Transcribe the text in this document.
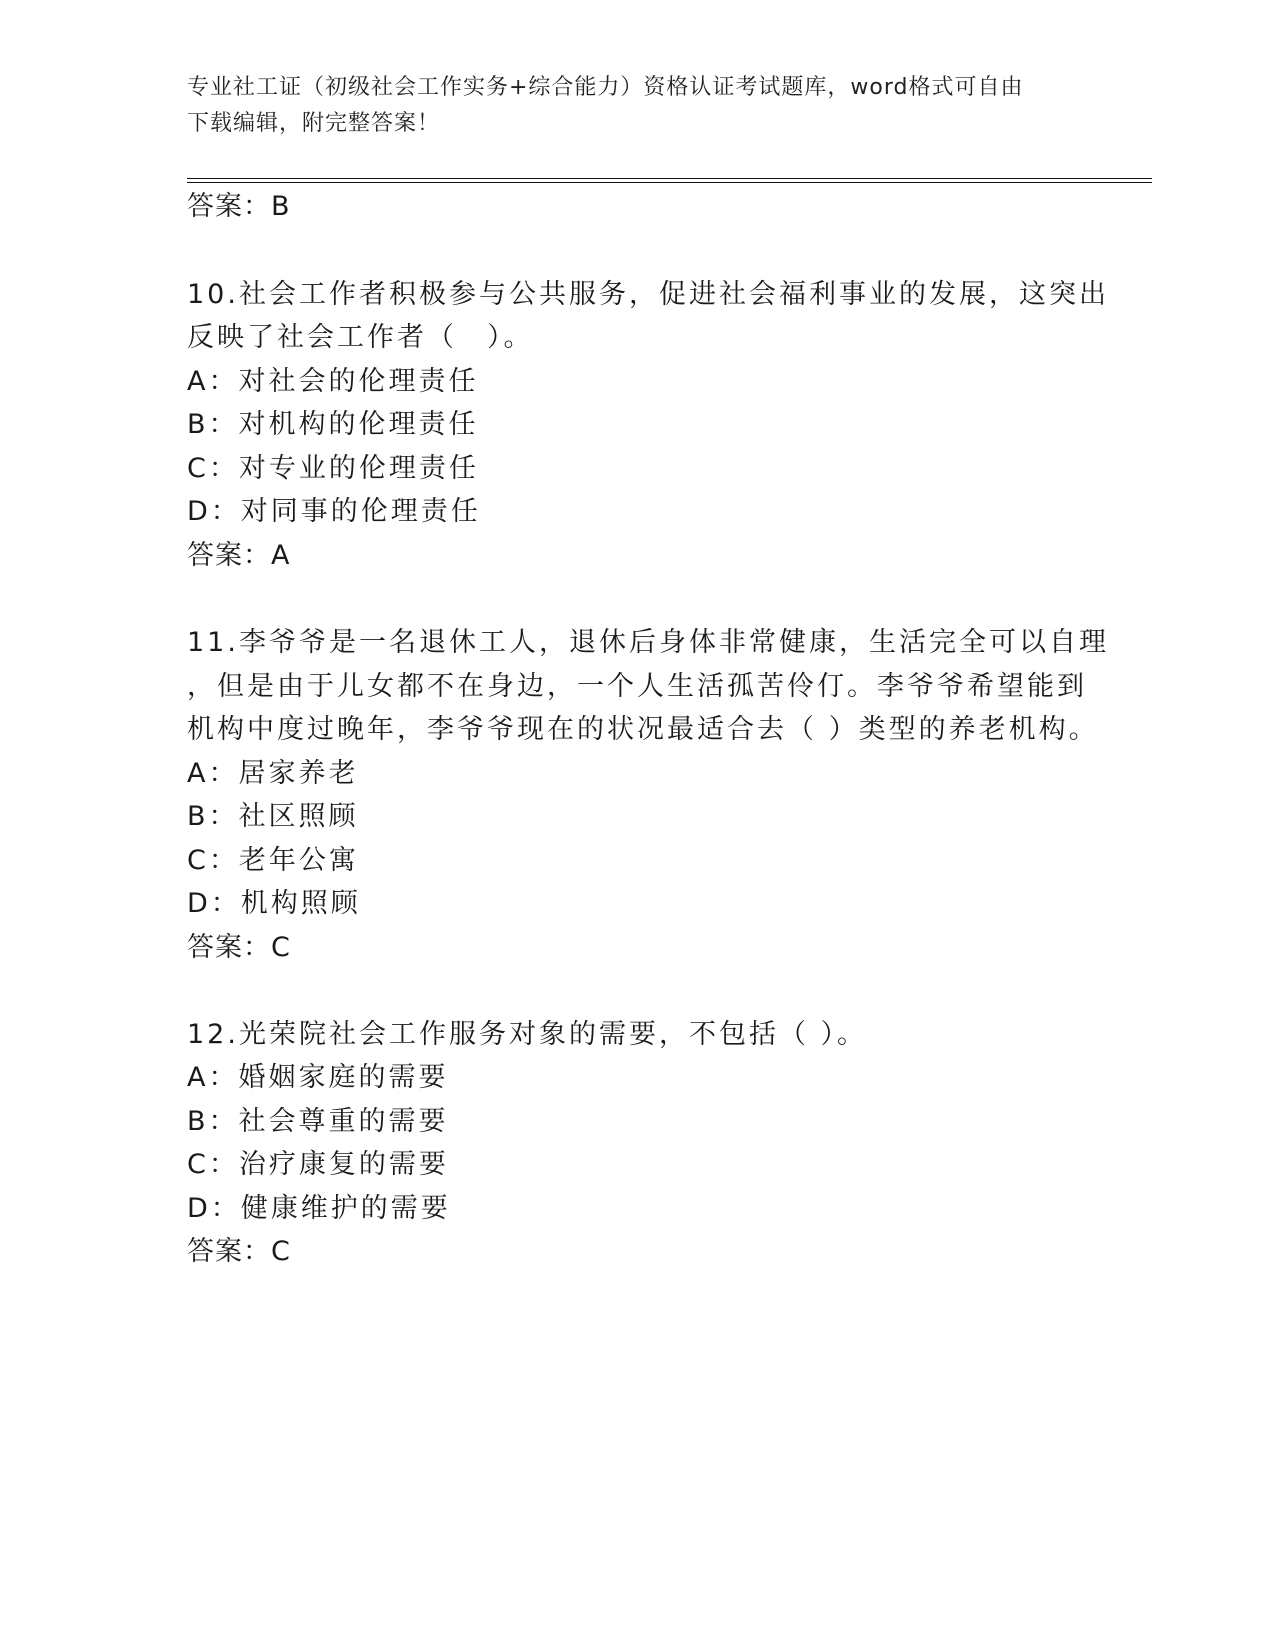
专业社工证（初级社会工作实务+综合能力）资格认证考试题库，word格式可自由
下载编辑，附完整答案！
答案：B
10.社会工作者积极参与公共服务，促进社会福利事业的发展，这突出
反映了社会工作者（　）。
A：对社会的伦理责任
B：对机构的伦理责任
C：对专业的伦理责任
D：对同事的伦理责任
答案：A
11.李爷爷是一名退休工人，退休后身体非常健康，生活完全可以自理
，但是由于儿女都不在身边，一个人生活孤苦伶仃。李爷爷希望能到
机构中度过晚年，李爷爷现在的状况最适合去（ ）类型的养老机构。
A：居家养老
B：社区照顾
C：老年公寓
D：机构照顾
答案：C
12.光荣院社会工作服务对象的需要，不包括（ ）。
A：婚姻家庭的需要
B：社会尊重的需要
C：治疗康复的需要
D：健康维护的需要
答案：C
